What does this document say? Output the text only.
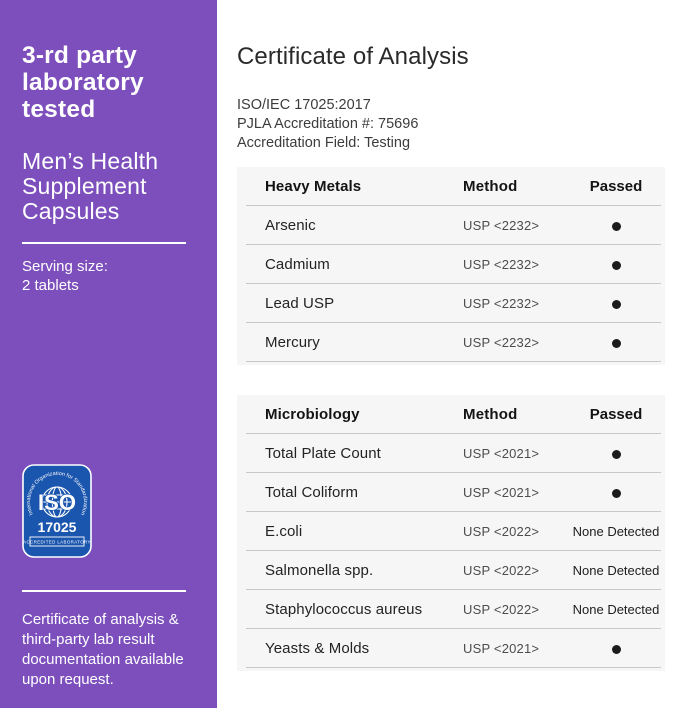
3-rd party
laboratory
tested
Men’s Health
Supplement
Capsules
Serving size:
2 tablets
International Organization for Standardization
ISO
17025
ACCREDITED LABORATORY
Certificate of analysis &
third-party lab result
documentation available
upon request.
Certificate of Analysis
ISO/IEC 17025:2017
PJLA Accreditation #: 75696
Accreditation Field: Testing
Heavy Metals	Method	Passed
Arsenic	USP <2232>
Cadmium	USP <2232>
Lead USP	USP <2232>
Mercury	USP <2232>
Microbiology	Method	Passed
Total Plate Count	USP <2021>
Total Coliform	USP <2021>
E.coli	USP <2022>	None Detected
Salmonella spp.	USP <2022>	None Detected
Staphylococcus aureus	USP <2022>	None Detected
Yeasts & Molds	USP <2021>
